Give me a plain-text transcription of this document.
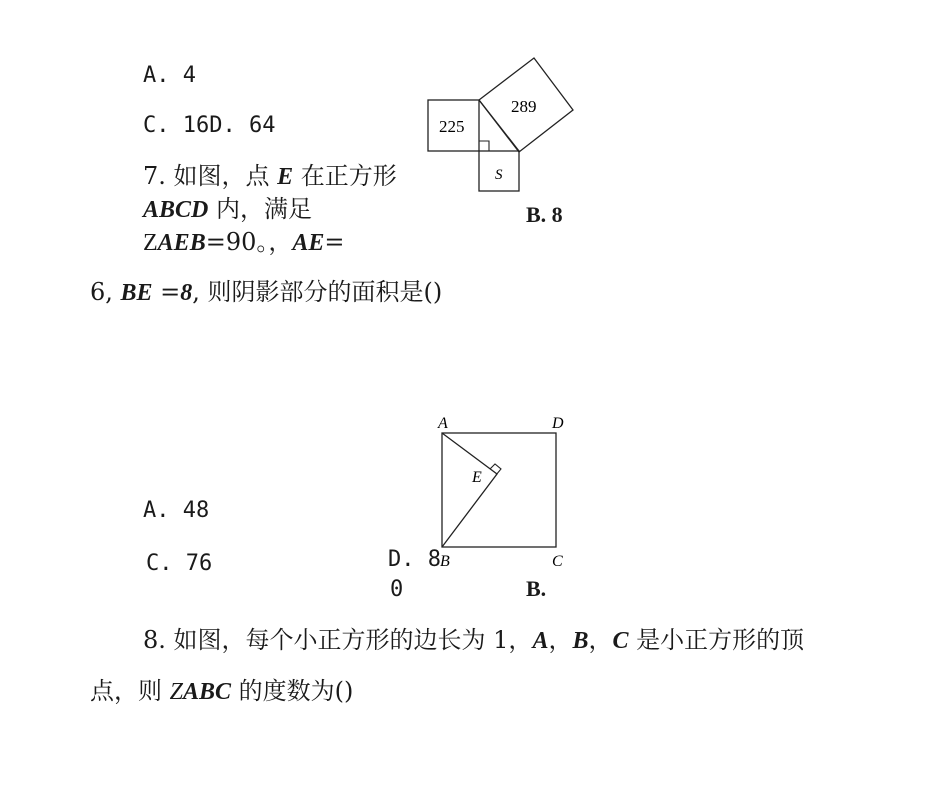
A. 4
C. 16D. 64
B. 8
225
289
S
7. 如图，点 E 在正方形
ABCD 内，满足
ZAEB=90。，AE=
6, BE =8, 则阴影部分的面积是()
A	D
E
B	C
A. 48
C. 76	D. 8
0	B.
8. 如图，每个小正方形的边长为 1，A，B，C 是小正方形的顶
点，则 ZABC 的度数为()
